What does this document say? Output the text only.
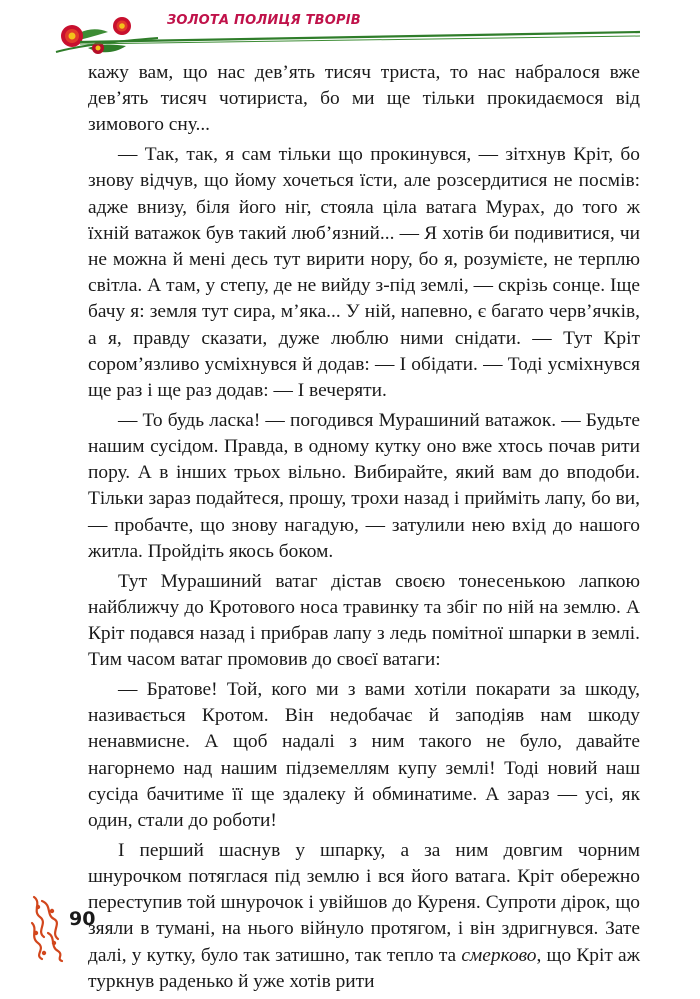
ЗОЛОТА ПОЛИЦЯ ТВОРІВ

кажу вам, що нас дев’ять тисяч триста, то нас набралося вже дев’ять тисяч чотириста, бо ми ще тільки прокидаємося від зимового сну...

— Так, так, я сам тільки що прокинувся, — зітхнув Кріт, бо знову відчув, що йому хочеться їсти, але розсердитися не посмів: адже внизу, біля його ніг, стояла ціла ватага Мурах, до того ж їхній ватажок був такий люб’язний... — Я хотів би подивитися, чи не можна й мені десь тут вирити нору, бо я, розумієте, не терплю світла. А там, у степу, де не вийду з-під землі, — скрізь сонце. Іще бачу я: земля тут сира, м’яка... У ній, напевно, є багато черв’ячків, а я, правду сказати, дуже люблю ними снідати. — Тут Кріт сором’язливо усміхнувся й додав: — І обідати. — Тоді усміхнувся ще раз і ще раз додав: — І вечеряти.

— То будь ласка! — погодився Мурашиний ватажок. — Будьте нашим сусідом. Правда, в одному кутку оно вже хтось почав рити пору. А в інших трьох вільно. Вибирайте, який вам до вподоби. Тільки зараз подайтеся, прошу, трохи назад і прийміть лапу, бо ви, — пробачте, що знову нагадую, — затулили нею вхід до нашого житла. Пройдіть якось боком.

Тут Мурашиний ватаг дістав своєю тонесенькою лапкою найближчу до Кротового носа травинку та збіг по ній на землю. А Кріт подався назад і прибрав лапу з ледь помітної шпарки в землі. Тим часом ватаг промовив до своєї ватаги:

— Братове! Той, кого ми з вами хотіли покарати за шкоду, називається Кротом. Він недобачає й заподіяв нам шкоду ненавмисне. А щоб надалі з ним такого не було, давайте нагорнемо над нашим підземеллям купу землі! Тоді новий наш сусіда бачитиме її ще здалеку й обминатиме. А зараз — усі, як один, стали до роботи!

І перший шаснув у шпарку, а за ним довгим чорним шнурочком потяглася під землю і вся його ватага. Кріт обережно переступив той шнурочок і увійшов до Куреня. Супроти дірок, що зяяли в тумані, на нього війнуло протягом, і він здригнувся. Зате далі, у кутку, було так затишно, так тепло та смерково, що Кріт аж туркнув раденько й уже хотів рити

90
